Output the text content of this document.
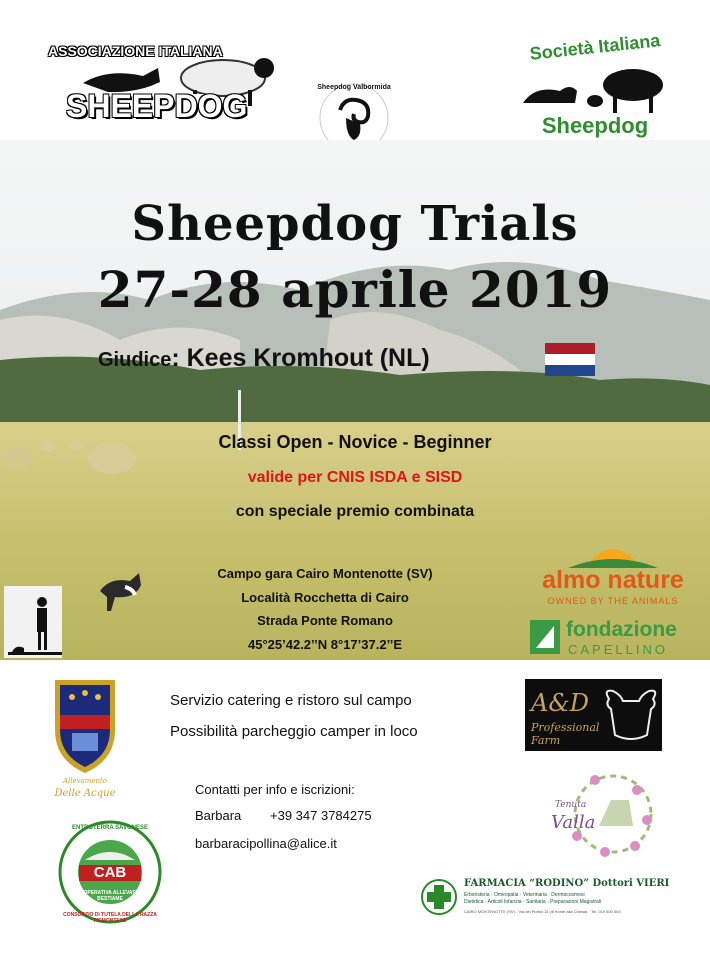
ASSOCIAZIONE ITALIANA
SHEEPDOG
Sheepdog Valbormida
Società Italiana
Sheepdog
Sheepdog Trials
27-28 aprile 2019
Giudice: Kees Kromhout (NL)
Classi Open - Novice - Beginner
valide per CNIS ISDA e SISD
con speciale premio combinata
Campo gara Cairo Montenotte (SV)
Località Rocchetta di Cairo
Strada Ponte Romano
45°25’42.2’’N 8°17’37.2’’E
almo nature
OWNED BY THE ANIMALS
fondazione
CAPELLINO
Allevamento
Delle Acque
Servizio catering e ristoro sul campo
Possibilità parcheggio camper in loco
A&D
Professional Farm
Contatti per info e iscrizioni:
Barbara +39 347 3784275
barbaracipollina@alice.it
Tenuta
Valla
CAB
ENTROTERRA SAVONESE
COOPERATIVA ALLEVATORI BESTIAME
CONSORZIO DI TUTELA DELLA RAZZA PIEMONTESE
FARMACIA “RODINO” Dottori VIERI
Erboristeria · Omeopatia · Veterinaria · Dermocosmesi
Dietetica · Articoli Infanzia · Sanitaria · Preparazioni Magistrali
CAIRO MONTENOTTE (SV) - Via dei Portici 13 (di fronte alla Chiesa) · Tel. 019 500 503
